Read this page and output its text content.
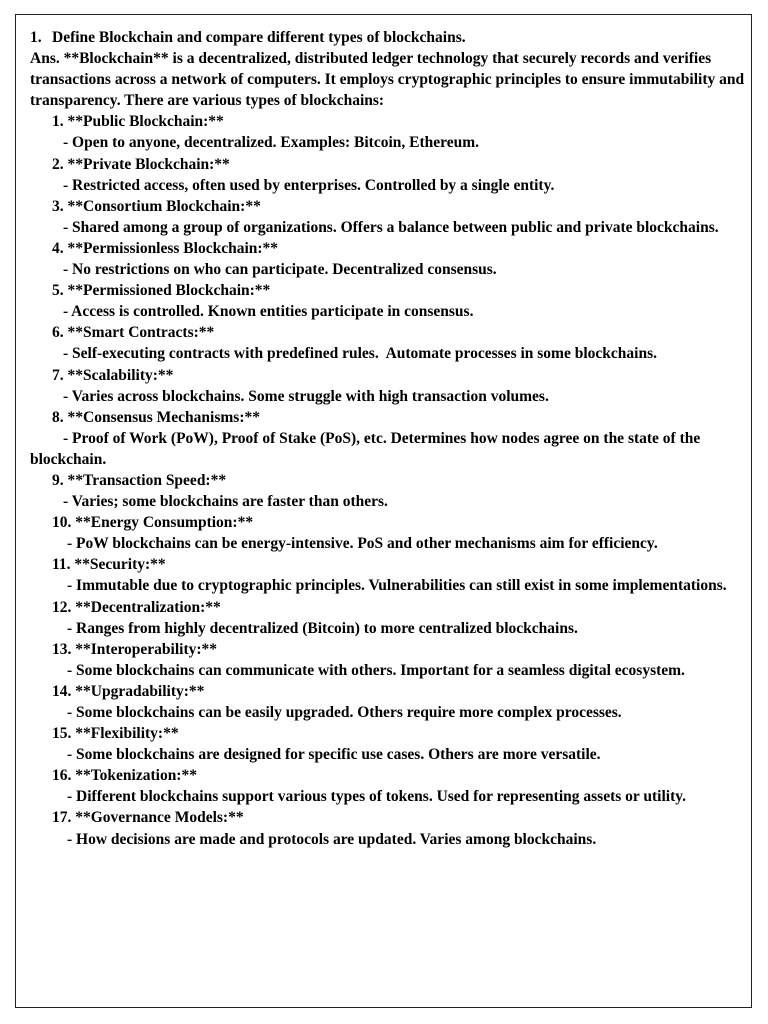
1. Define Blockchain and compare different types of blockchains.
Ans. **Blockchain** is a decentralized, distributed ledger technology that securely records and verifies transactions across a network of computers. It employs cryptographic principles to ensure immutability and transparency. There are various types of blockchains:
1. **Public Blockchain:**
- Open to anyone, decentralized. Examples: Bitcoin, Ethereum.
2. **Private Blockchain:**
- Restricted access, often used by enterprises. Controlled by a single entity.
3. **Consortium Blockchain:**
- Shared among a group of organizations. Offers a balance between public and private blockchains.
4. **Permissionless Blockchain:**
- No restrictions on who can participate. Decentralized consensus.
5. **Permissioned Blockchain:**
- Access is controlled. Known entities participate in consensus.
6. **Smart Contracts:**
- Self-executing contracts with predefined rules.  Automate processes in some blockchains.
7. **Scalability:**
- Varies across blockchains. Some struggle with high transaction volumes.
8. **Consensus Mechanisms:**
- Proof of Work (PoW), Proof of Stake (PoS), etc. Determines how nodes agree on the state of the blockchain.
9. **Transaction Speed:**
- Varies; some blockchains are faster than others.
10. **Energy Consumption:**
- PoW blockchains can be energy-intensive. PoS and other mechanisms aim for efficiency.
11. **Security:**
- Immutable due to cryptographic principles. Vulnerabilities can still exist in some implementations.
12. **Decentralization:**
- Ranges from highly decentralized (Bitcoin) to more centralized blockchains.
13. **Interoperability:**
- Some blockchains can communicate with others. Important for a seamless digital ecosystem.
14. **Upgradability:**
- Some blockchains can be easily upgraded. Others require more complex processes.
15. **Flexibility:**
- Some blockchains are designed for specific use cases. Others are more versatile.
16. **Tokenization:**
- Different blockchains support various types of tokens. Used for representing assets or utility.
17. **Governance Models:**
- How decisions are made and protocols are updated. Varies among blockchains.
